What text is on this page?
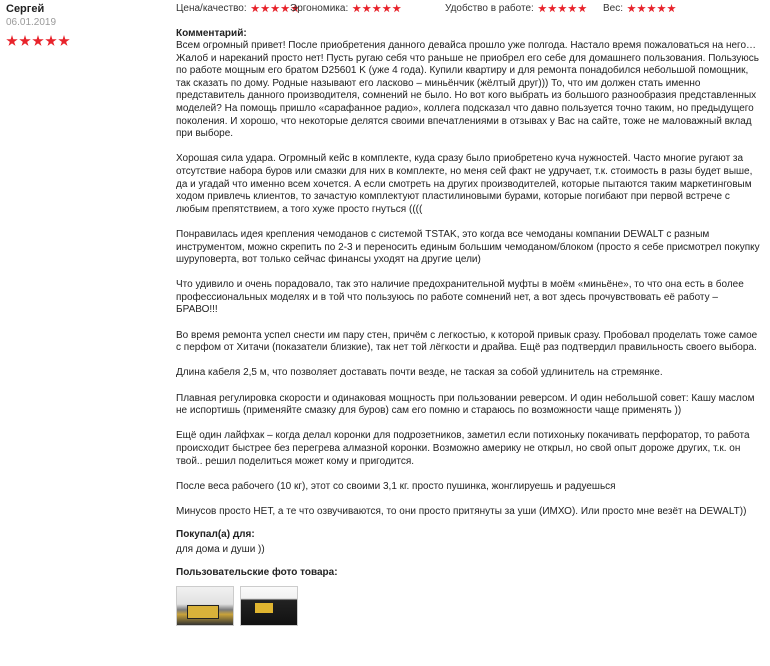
Сергей
06.01.2019
Цена/качество:	Эргономика:	Удобство в работе:	Вес:
Комментарий:

Всем огромный привет! После приобретения данного девайса прошло уже полгода. Настало время пожаловаться на него… Жалоб и нареканий просто нет! Пусть ругаю себя что раньше не приобрел его себе для домашнего пользования. Пользуюсь по работе мощным его братом D25601 K (уже 4 года). Купили квартиру и для ремонта понадобился небольшой помощник, так сказать по дому. Родные называют его ласково – миньёнчик (жёлтый друг))) То, что им должен стать именно представитель данного производителя, сомнений не было. Но вот кого выбрать из большого разнообразия представленных моделей? На помощь пришло «сарафанное радио», коллега подсказал что давно пользуется точно таким, но предыдущего поколения. И хорошо, что некоторые делятся своими впечатлениями в отзывах у Вас на сайте, тоже не маловажный вклад при выборе.

Хорошая сила удара. Огромный кейс в комплекте, куда сразу было приобретено куча нужностей. Часто многие ругают за отсутствие набора буров или смазки для них в комплекте, но меня сей факт не удручает, т.к. стоимость в разы будет выше, да и угадай что именно всем хочется. А если смотреть на других производителей, которые пытаются таким маркетинговым ходом привлечь клиентов, то зачастую комплектуют пластилиновыми бурами, которые погибают при первой встрече с любым препятствием, а того хуже просто гнуться ((((

Понравилась идея крепления чемоданов с системой TSTAK, это когда все чемоданы компании DEWALT с разным инструментом, можно скрепить по 2-3 и переносить единым большим чемоданом/блоком (просто я себе присмотрел покупку шуруповерта, вот только сейчас финансы уходят на другие цели)

Что удивило и очень порадовало, так это наличие предохранительной муфты в моём «миньёне», то что она есть в более профессиональных моделях и в той что пользуюсь по работе сомнений нет, а вот здесь прочувствовать её работу – БРАВО!!!

Во время ремонта успел снести им пару стен, причём с легкостью, к которой привык сразу. Пробовал проделать тоже самое с перфом от Хитачи (показатели близкие), так нет той лёгкости и драйва. Ещё раз подтвердил правильность своего выбора.

Длина кабеля 2,5 м, что позволяет доставать почти везде, не таская за собой удлинитель на стремянке.

Плавная регулировка скорости и одинаковая мощность при пользовании реверсом. И один небольшой совет: Кашу маслом не испортишь (применяйте смазку для буров) сам его помню и стараюсь по возможности чаще применять ))

Ещё один лайфхак – когда делал коронки для подрозетников, заметил если потихоньку покачивать перфоратор, то работа происходит быстрее без перегрева алмазной коронки. Возможно америку не открыл, но свой опыт дороже других, т.к. он твой.. решил поделиться может кому и пригодится.

После веса рабочего (10 кг), этот со своими 3,1 кг. просто пушинка, жонглируешь и радуешься

Минусов просто НЕТ, а те что озвучиваются, то они просто притянуты за уши (ИМХО). Или просто мне везёт на DEWALT))

Покупал(а) для:
для дома и души ))
Пользовательские фото товара:
